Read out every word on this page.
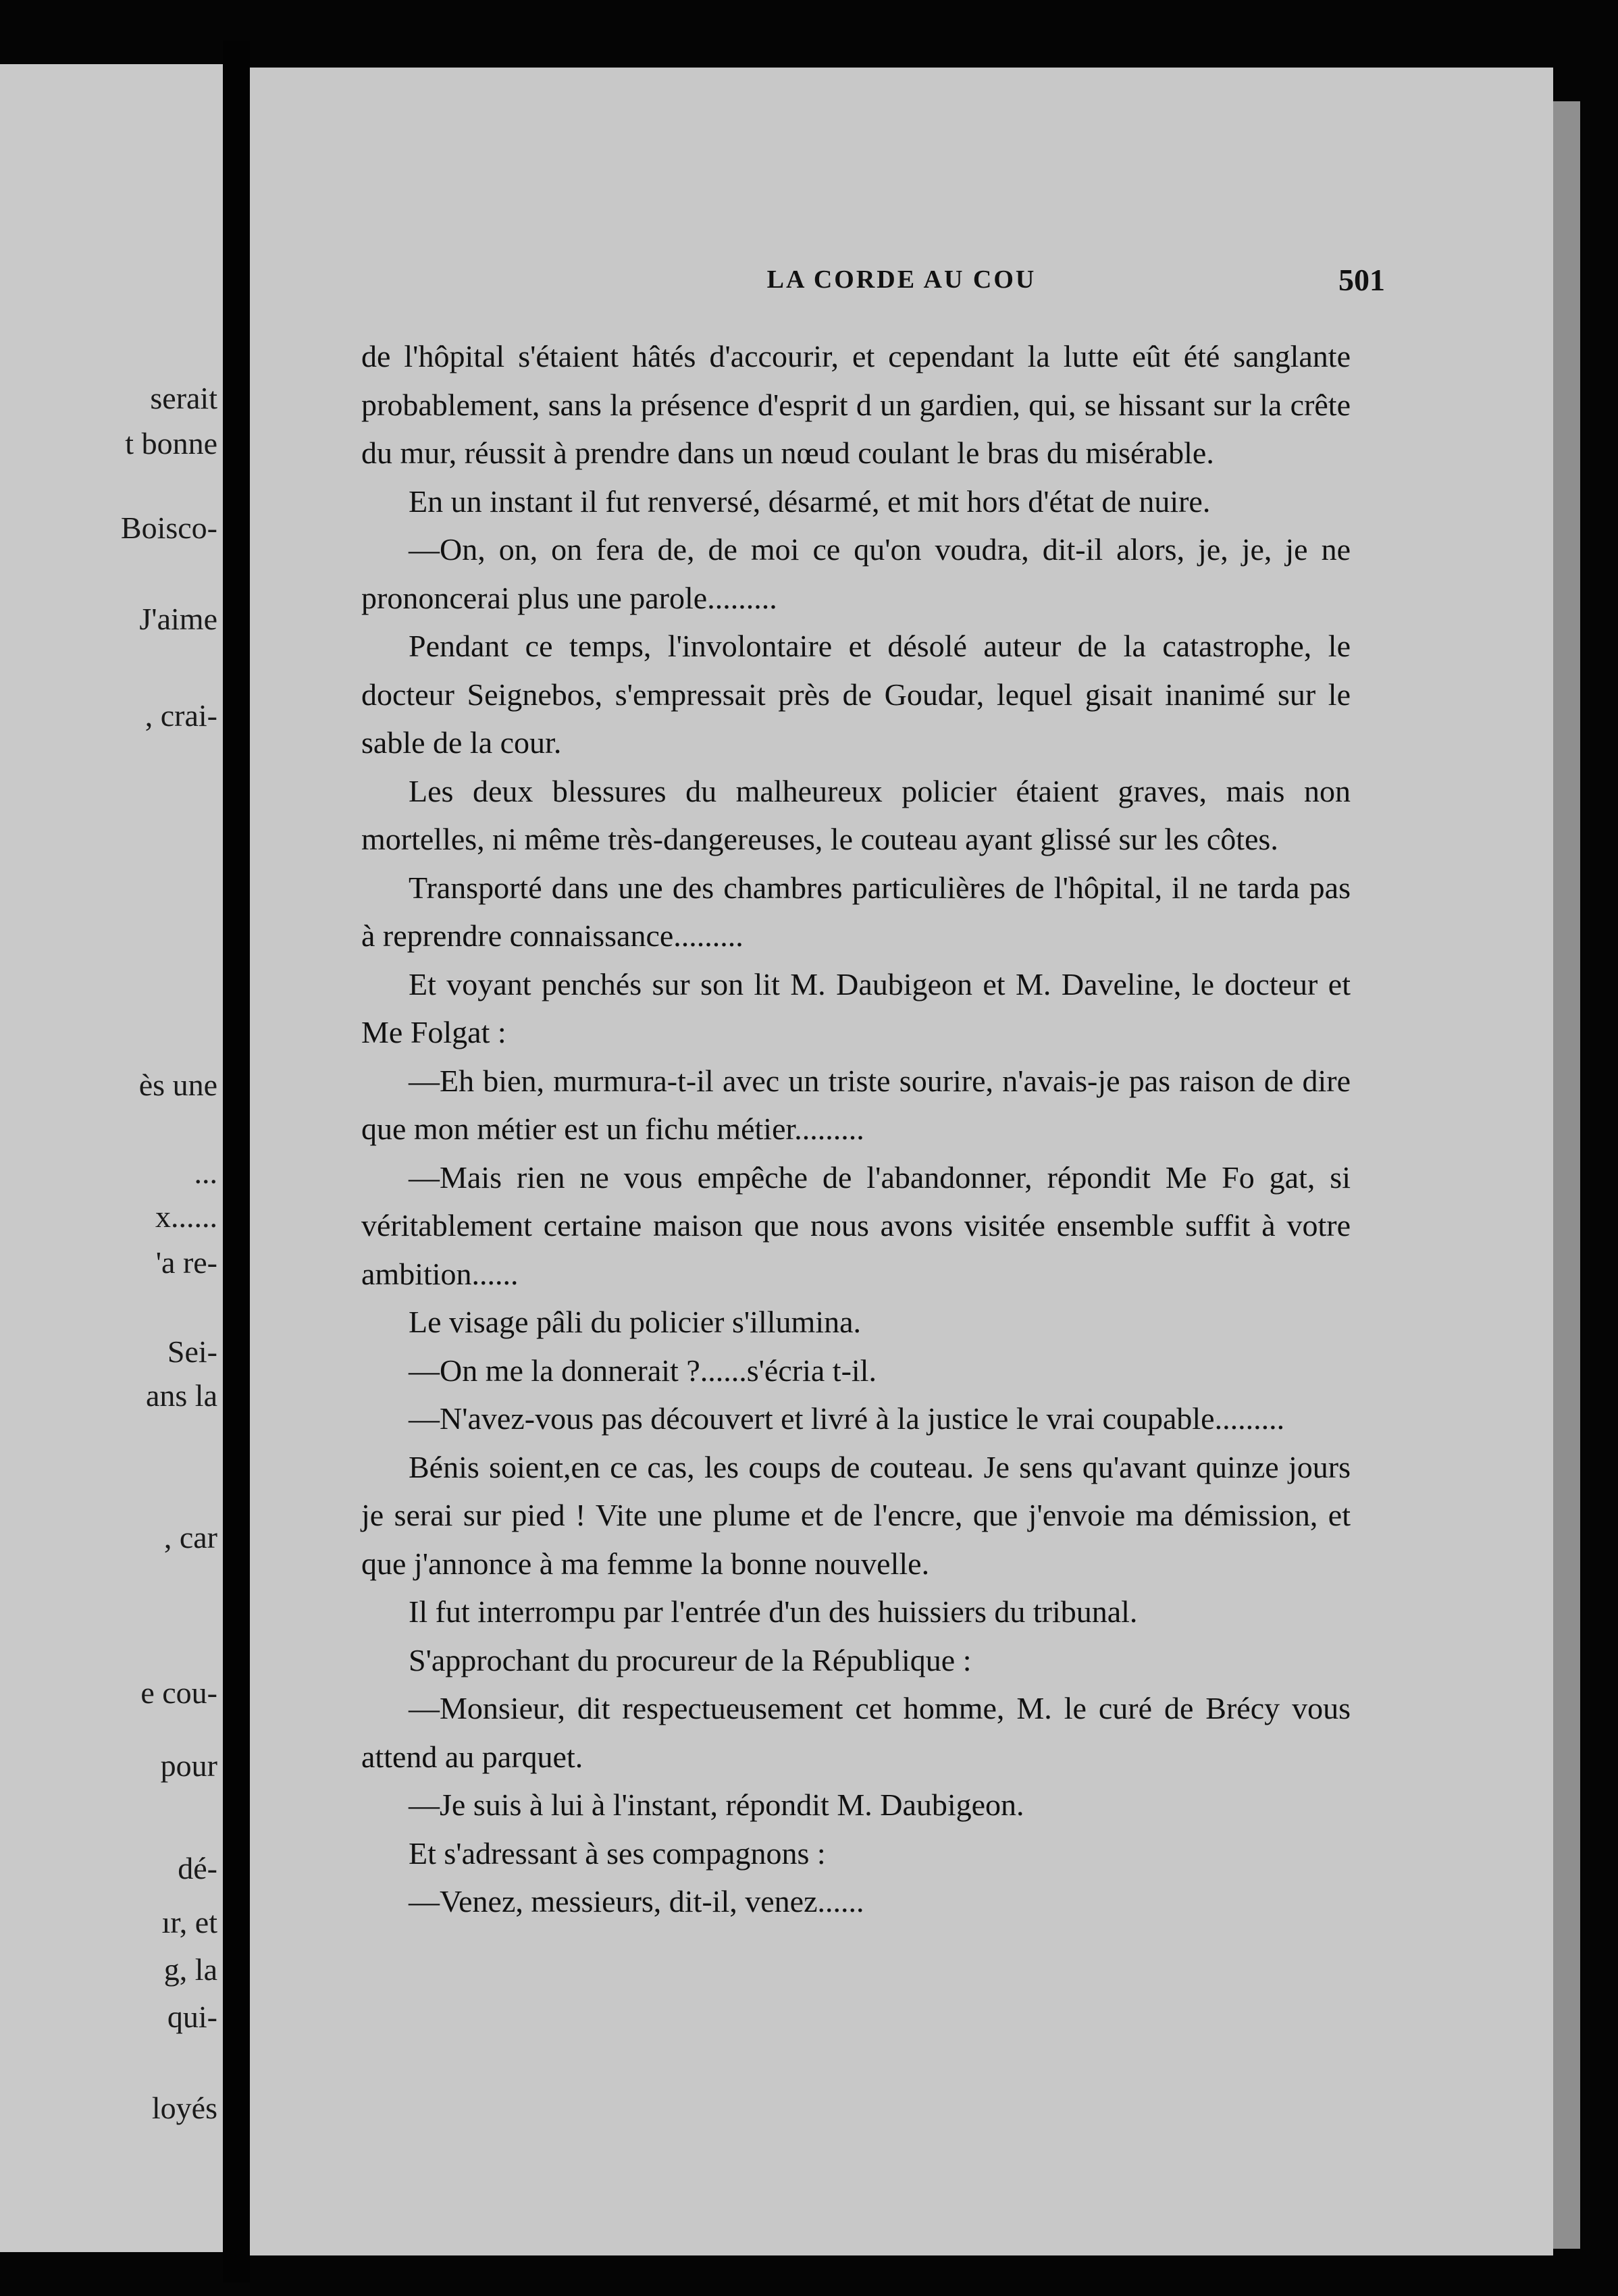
serait
t bonne
Boisco-
J'aime
, crai-
ès une
...
x......
'a re-
Sei-
ans la
, car
e cou-
pour
dé-
ır, et
g, la
qui-
loyés
LA CORDE AU COU	501

de l'hôpital s'étaient hâtés d'accourir, et cependant la lutte eût été sanglante probablement, sans la présence d'esprit d un gardien, qui, se hissant sur la crête du mur, réussit à prendre dans un nœud coulant le bras du misérable.

En un instant il fut renversé, désarmé, et mit hors d'état de nuire.

—On, on, on fera de, de moi ce qu'on voudra, dit-il alors, je, je, je ne prononcerai plus une parole.........

Pendant ce temps, l'involontaire et désolé auteur de la catastrophe, le docteur Seignebos, s'empressait près de Goudar, lequel gisait inanimé sur le sable de la cour.

Les deux blessures du malheureux policier étaient graves, mais non mortelles, ni même très-dangereuses, le couteau ayant glissé sur les côtes.

Transporté dans une des chambres particulières de l'hôpital, il ne tarda pas à reprendre connaissance.........

Et voyant penchés sur son lit M. Daubigeon et M. Daveline, le docteur et Me Folgat :

—Eh bien, murmura-t-il avec un triste sourire, n'avais-je pas raison de dire que mon métier est un fichu métier.........

—Mais rien ne vous empêche de l'abandonner, répondit Me Fo gat, si véritablement certaine maison que nous avons visitée ensemble suffit à votre ambition......

Le visage pâli du policier s'illumina.

—On me la donnerait ?......s'écria t-il.

—N'avez-vous pas découvert et livré à la justice le vrai coupable.........

Bénis soient,en ce cas, les coups de couteau. Je sens qu'avant quinze jours je serai sur pied ! Vite une plume et de l'encre, que j'envoie ma démission, et que j'annonce à ma femme la bonne nouvelle.

Il fut interrompu par l'entrée d'un des huissiers du tribunal.

S'approchant du procureur de la République :

—Monsieur, dit respectueusement cet homme, M. le curé de Brécy vous attend au parquet.

—Je suis à lui à l'instant, répondit M. Daubigeon.

Et s'adressant à ses compagnons :

—Venez, messieurs, dit-il, venez......
